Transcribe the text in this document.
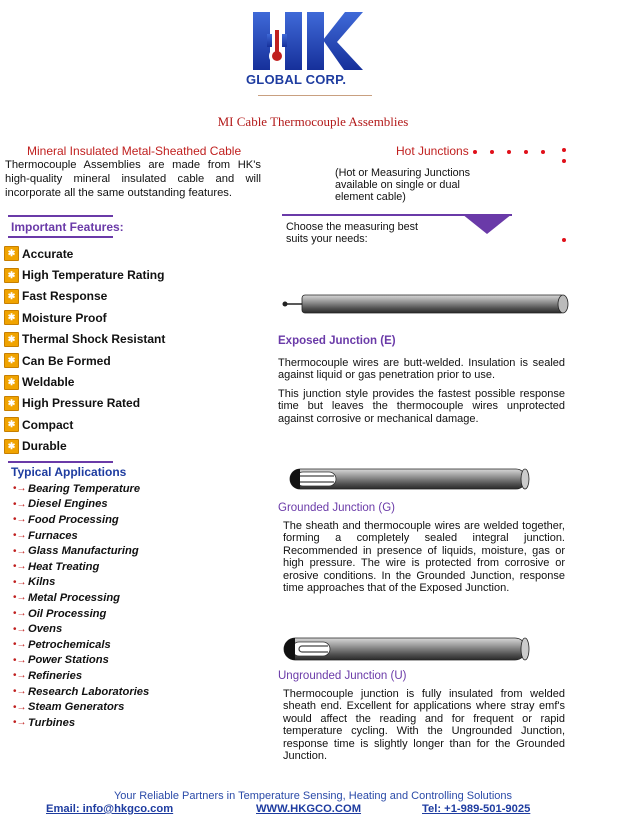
GLOBAL CORP.
MI Cable Thermocouple Assemblies
Mineral Insulated Metal-Sheathed Cable
Thermocouple Assemblies are made from HK's high-quality mineral insulated cable and will incorporate all the same outstanding features.
Hot Junctions
(Hot or Measuring Junctions available on single or dual element cable)
Choose the measuring best suits your needs:
Important Features:
✱ Accurate
✱ High Temperature Rating
✱ Fast Response
✱ Moisture Proof
✱ Thermal Shock Resistant
✱ Can Be Formed
✱ Weldable
✱ High Pressure Rated
✱ Compact
✱ Durable
Typical Applications
•→ Bearing Temperature
•→ Diesel Engines
•→ Food Processing
•→ Furnaces
•→ Glass Manufacturing
•→ Heat Treating
•→ Kilns
•→ Metal Processing
•→ Oil Processing
•→ Ovens
•→ Petrochemicals
•→ Power Stations
•→ Refineries
•→ Research Laboratories
•→ Steam Generators
•→ Turbines
Exposed Junction (E)
Thermocouple wires are butt-welded. Insulation is sealed against liquid or gas penetration prior to use.
This junction style provides the fastest possible response time but leaves the thermocouple wires unprotected against corrosive or mechanical damage.
Grounded Junction (G)
The sheath and thermocouple wires are welded together, forming a completely sealed integral junction. Recommended in presence of liquids, moisture, gas or high pressure. The wire is protected from corrosive or erosive conditions. In the Grounded Junction, response time approaches that of the Exposed Junction.
Ungrounded Junction (U)
Thermocouple junction is fully insulated from welded sheath end. Excellent for applications where stray emf's would affect the reading and for frequent or rapid temperature cycling. With the Ungrounded Junction, response time is slightly longer than for the Grounded Junction.
Your Reliable Partners in Temperature Sensing, Heating and Controlling Solutions
Email: info@hkgco.com	WWW.HKGCO.COM	Tel: +1-989-501-9025
